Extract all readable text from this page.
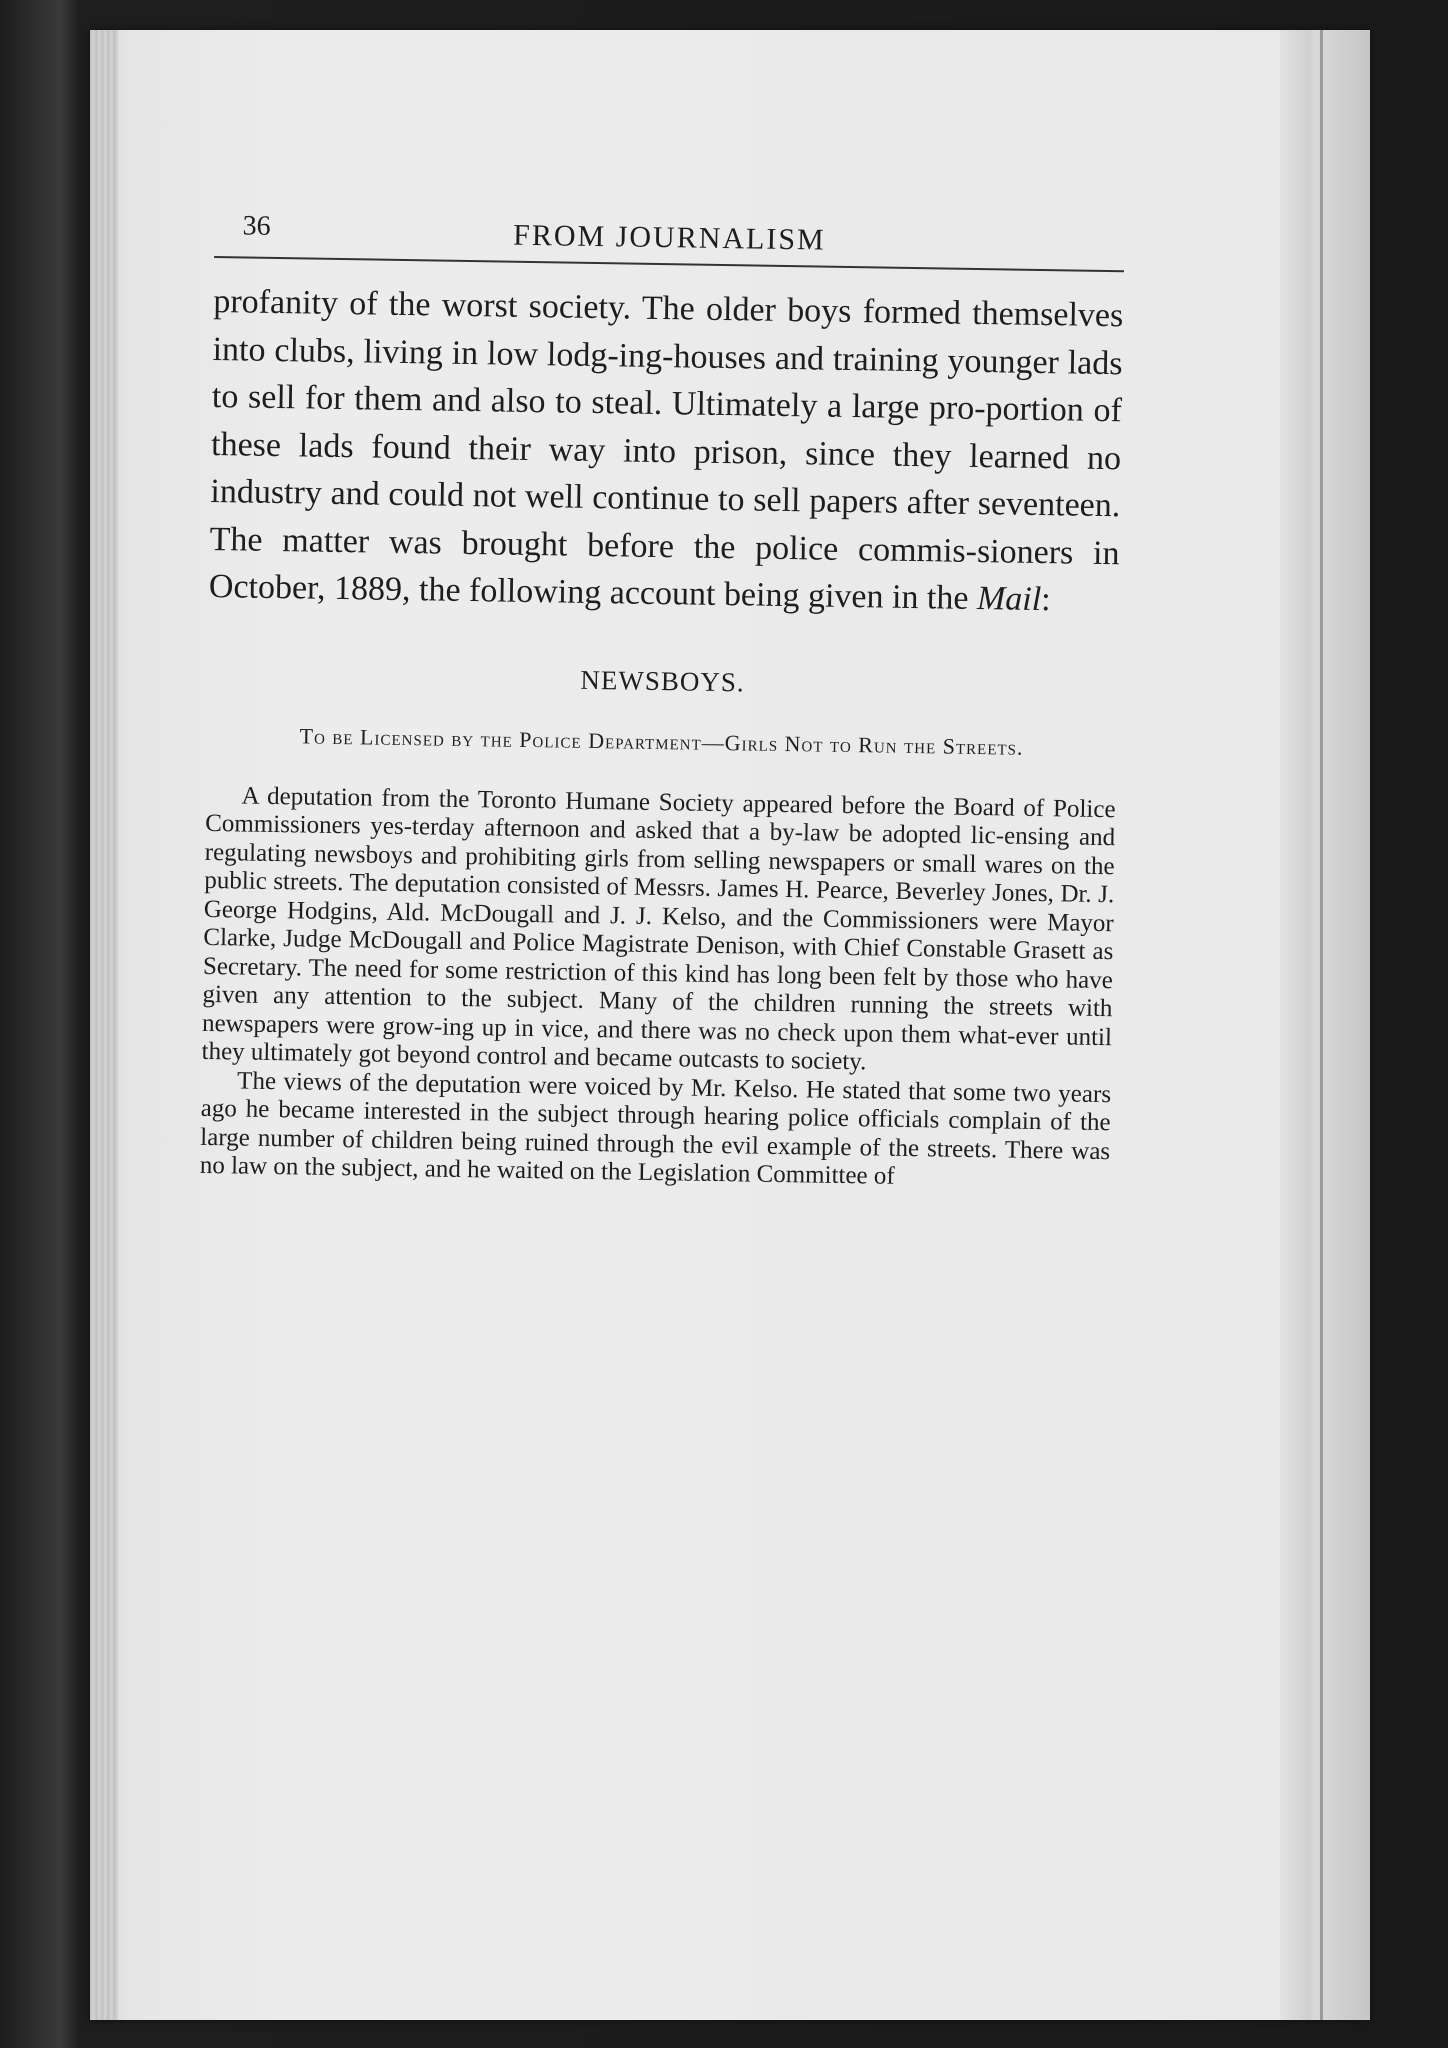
36	FROM JOURNALISM

profanity of the worst society. The older boys formed themselves into clubs, living in low lodg-ing-houses and training younger lads to sell for them and also to steal. Ultimately a large pro-portion of these lads found their way into prison, since they learned no industry and could not well continue to sell papers after seventeen. The matter was brought before the police commis-sioners in October, 1889, the following account being given in the Mail:

NEWSBOYS.
To be Licensed by the Police Department—Girls Not to Run the Streets.

A deputation from the Toronto Humane Society appeared before the Board of Police Commissioners yes-terday afternoon and asked that a by-law be adopted lic-ensing and regulating newsboys and prohibiting girls from selling newspapers or small wares on the public streets. The deputation consisted of Messrs. James H. Pearce, Beverley Jones, Dr. J. George Hodgins, Ald. McDougall and J. J. Kelso, and the Commissioners were Mayor Clarke, Judge McDougall and Police Magistrate Denison, with Chief Constable Grasett as Secretary. The need for some restriction of this kind has long been felt by those who have given any attention to the subject. Many of the children running the streets with newspapers were grow-ing up in vice, and there was no check upon them what-ever until they ultimately got beyond control and became outcasts to society.

The views of the deputation were voiced by Mr. Kelso. He stated that some two years ago he became interested in the subject through hearing police officials complain of the large number of children being ruined through the evil example of the streets. There was no law on the subject, and he waited on the Legislation Committee of
